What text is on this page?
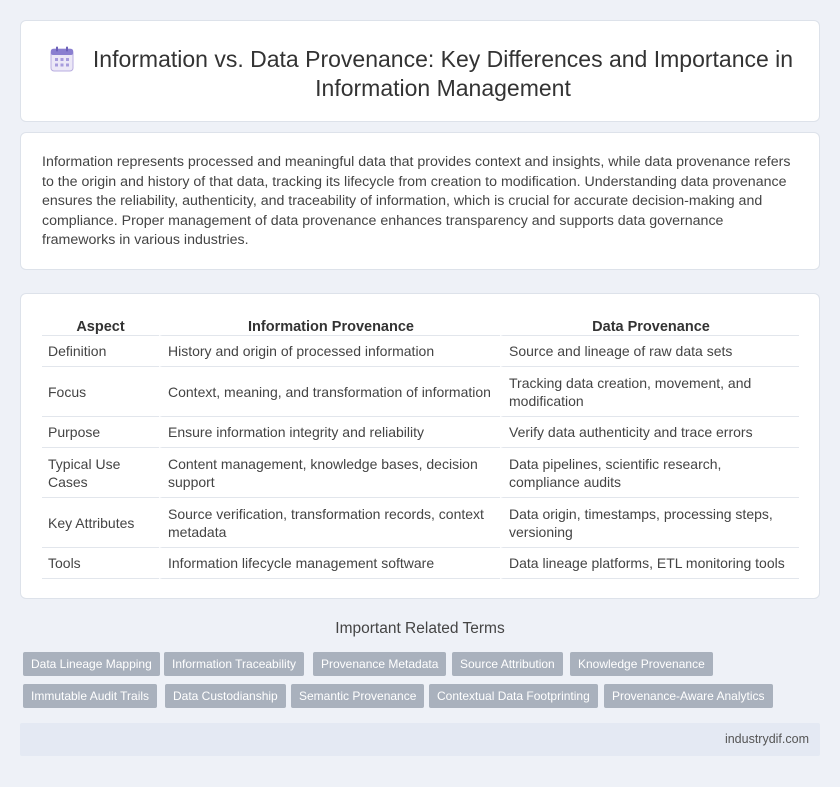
Information vs. Data Provenance: Key Differences and Importance in Information Management

Information represents processed and meaningful data that provides context and insights, while data provenance refers to the origin and history of that data, tracking its lifecycle from creation to modification. Understanding data provenance ensures the reliability, authenticity, and traceability of information, which is crucial for accurate decision-making and compliance. Proper management of data provenance enhances transparency and supports data governance frameworks in various industries.

Aspect	Information Provenance	Data Provenance
Definition	History and origin of processed information	Source and lineage of raw data sets
Focus	Context, meaning, and transformation of information	Tracking data creation, movement, and modification
Purpose	Ensure information integrity and reliability	Verify data authenticity and trace errors
Typical Use Cases	Content management, knowledge bases, decision support	Data pipelines, scientific research, compliance audits
Key Attributes	Source verification, transformation records, context metadata	Data origin, timestamps, processing steps, versioning
Tools	Information lifecycle management software	Data lineage platforms, ETL monitoring tools
Important Related Terms
Data Lineage Mapping	Information Traceability	Provenance Metadata	Source Attribution	Knowledge Provenance
Immutable Audit Trails	Data Custodianship	Semantic Provenance	Contextual Data Footprinting	Provenance-Aware Analytics
industrydif.com
